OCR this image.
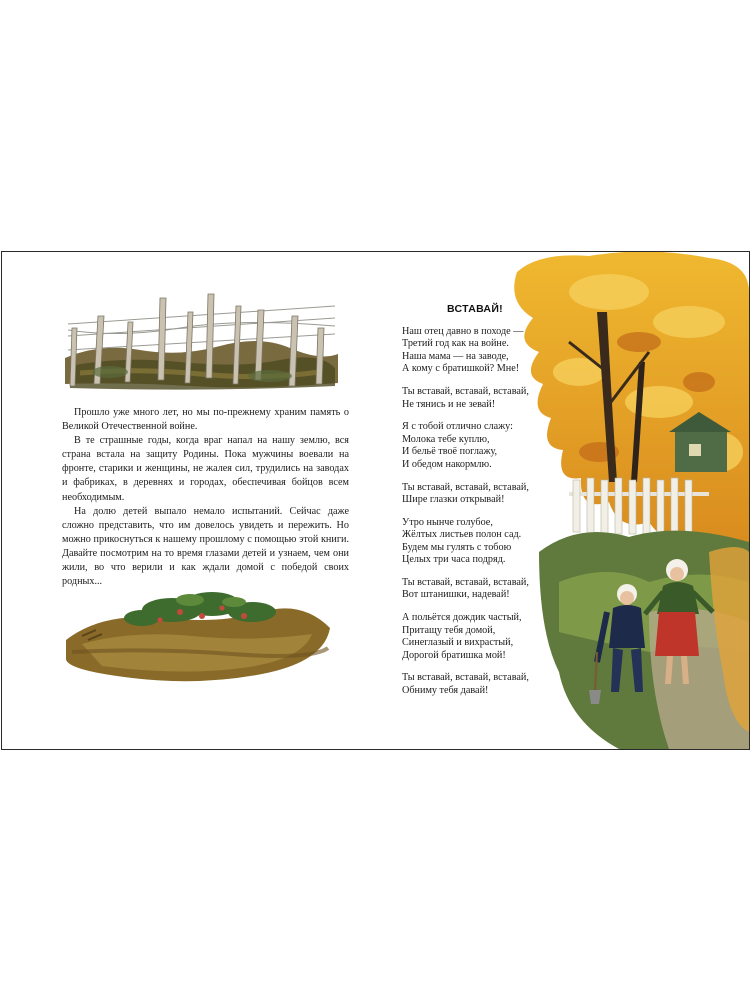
Прошло уже много лет, но мы по-прежнему храним память о Великой Отечественной войне.

В те страшные годы, когда враг напал на нашу землю, вся страна встала на защиту Родины. Пока мужчины воевали на фронте, старики и женщины, не жалея сил, трудились на заводах и фабриках, в деревнях и городах, обеспечивая бойцов всем необходимым.

На долю детей выпало немало испытаний. Сейчас даже сложно представить, что им довелось увидеть и пережить. Но можно прикоснуться к нашему прошлому с помощью этой книги. Давайте посмотрим на то время глазами детей и узнаем, чем они жили, во что верили и как ждали домой с победой своих родных...

ВСТАВАЙ!
Наш отец давно в походе —
Третий год как на войне.
Наша мама — на заводе,
А кому с братишкой? Мне!
Ты вставай, вставай, вставай,
Не тянись и не зевай!
Я с тобой отлично слажу:
Молока тебе куплю,
И бельё твоё поглажу,
И обедом накормлю.
Ты вставай, вставай, вставай,
Шире глазки открывай!
Утро нынче голубое,
Жёлтых листьев полон сад.
Будем мы гулять с тобою
Целых три часа подряд.
Ты вставай, вставай, вставай,
Вот штанишки, надевай!
А польётся дождик частый,
Притащу тебя домой,
Синеглазый и вихрастый,
Дорогой братишка мой!
Ты вставай, вставай, вставай,
Обниму тебя давай!
